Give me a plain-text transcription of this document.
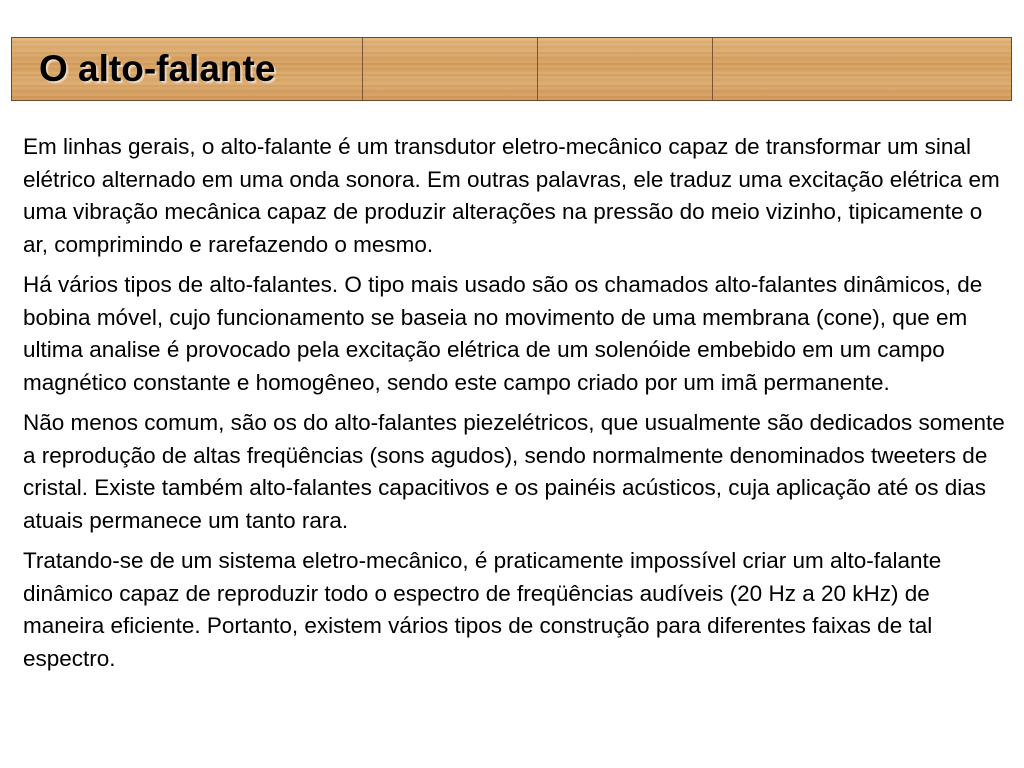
O alto-falante

Em linhas gerais, o alto-falante é um transdutor eletro-mecânico capaz de transformar um sinal elétrico alternado em uma onda sonora. Em outras palavras, ele traduz uma excitação elétrica em uma vibração mecânica capaz de produzir alterações na pressão do meio vizinho, tipicamente o ar, comprimindo e rarefazendo o mesmo.

Há vários tipos de alto-falantes. O tipo mais usado são os chamados alto-falantes dinâmicos, de bobina móvel, cujo funcionamento se baseia no movimento de uma membrana (cone), que em ultima analise é provocado pela excitação elétrica de um solenóide embebido em um campo magnético constante e homogêneo, sendo este campo criado por um imã permanente.

Não menos comum, são os do alto-falantes piezelétricos, que usualmente são dedicados somente a reprodução de altas freqüências (sons agudos), sendo normalmente denominados tweeters de cristal. Existe também alto-falantes capacitivos e os painéis acústicos, cuja aplicação até os dias atuais permanece um tanto rara.

Tratando-se de um sistema eletro-mecânico, é praticamente impossível criar um alto-falante dinâmico capaz de reproduzir todo o espectro de freqüências audíveis (20 Hz a 20 kHz) de maneira eficiente. Portanto, existem vários tipos de construção para diferentes faixas de tal espectro.
